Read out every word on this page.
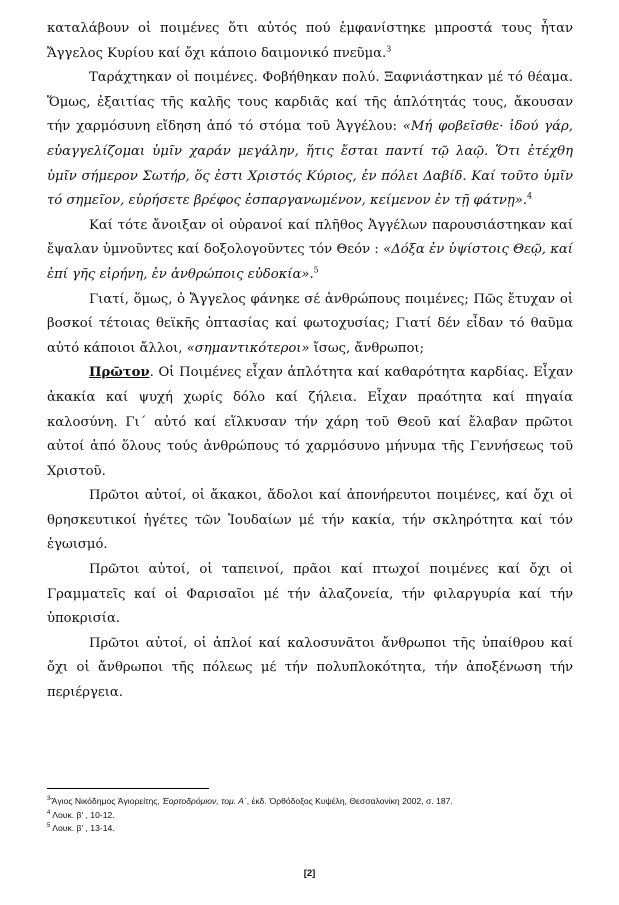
καταλάβουν οἱ ποιμένες ὅτι αὐτός πού ἐμφανίστηκε μπροστά τους ἦταν Ἄγγελος Κυρίου καί ὄχι κάποιο δαιμονικό πνεῦμα.$^3$

Ταράχτηκαν οἱ ποιμένες. Φοβήθηκαν πολύ. Ξαφνιάστηκαν μέ τό θέαμα. Ὅμως, ἐξαιτίας τῆς καλῆς τους καρδιᾶς καί τῆς ἁπλότητάς τους, ἄκουσαν τήν χαρμόσυνη εἴδηση ἀπό τό στόμα τοῦ Ἀγγέλου: «Μή φοβεῖσθε· ἰδού γάρ, εὐαγγελίζομαι ὑμῖν χαράν μεγάλην, ἥτις ἔσται παντί τῷ λαῷ. Ὅτι ἐτέχθη ὑμῖν σήμερον Σωτήρ, ὅς ἐστι Χριστός Κύριος, ἐν πόλει Δαβίδ. Καί τοῦτο ὑμῖν τό σημεῖον, εὑρήσετε βρέφος ἐσπαργανωμένον, κείμενον ἐν τῇ φάτνῃ».$^4$

Καί τότε ἄνοιξαν οἱ οὐρανοί καί πλῆθος Ἀγγέλων παρουσιάστηκαν καί ἔψαλαν ὑμνοῦντες καί δοξολογοῦντες τόν Θεόν : «Δόξα ἐν ὑψίστοις Θεῷ, καί ἐπί γῆς εἰρήνη, ἐν ἀνθρώποις εὐδοκία».$^5$

Γιατί, ὅμως, ὁ Ἄγγελος φάνηκε σέ ἀνθρώπους ποιμένες; Πῶς ἔτυχαν οἱ βοσκοί τέτοιας θεϊκῆς ὀπτασίας καί φωτοχυσίας; Γιατί δέν εἶδαν τό θαῦμα αὐτό κάποιοι ἄλλοι, «σημαντικότεροι» ἴσως, ἄνθρωποι;

Πρῶτον. Οἱ Ποιμένες εἶχαν ἁπλότητα καί καθαρότητα καρδίας. Εἶχαν ἀκακία καί ψυχή χωρίς δόλο καί ζήλεια. Εἶχαν πραότητα καί πηγαία καλοσύνη. Γι΄ αὐτό καί εἵλκυσαν τήν χάρη τοῦ Θεοῦ καί ἔλαβαν πρῶτοι αὐτοί ἀπό ὅλους τούς ἀνθρώπους τό χαρμόσυνο μήνυμα τῆς Γεννήσεως τοῦ Χριστοῦ.

Πρῶτοι αὐτοί, οἱ ἄκακοι, ἄδολοι καί ἀπονήρευτοι ποιμένες, καί ὄχι οἱ θρησκευτικοί ἡγέτες τῶν Ἰουδαίων μέ τήν κακία, τήν σκληρότητα καί τόν ἐγωισμό.

Πρῶτοι αὐτοί, οἱ ταπεινοί, πρᾶοι καί πτωχοί ποιμένες καί ὄχι οἱ Γραμματεῖς καί οἱ Φαρισαῖοι μέ τήν ἀλαζονεία, τήν φιλαργυρία καί τήν ὑποκρισία.

Πρῶτοι αὐτοί, οἱ ἁπλοί καί καλοσυνᾶτοι ἄνθρωποι τῆς ὑπαίθρου καί ὄχι οἱ ἄνθρωποι τῆς πόλεως μέ τήν πολυπλοκότητα, τήν ἀποξένωση τήν περιέργεια.

$^3$Ἅγιος Νικόδημος Ἁγιορείτης, Ἑορτοδρόμιον, τομ. Α΄, ἐκδ. Ὀρθόδοξος Κυψέλη, Θεσσαλονίκη 2002, σ. 187.
$^4$ Λουκ. β' , 10-12.
$^5$ Λουκ. β' , 13-14.
[2]
